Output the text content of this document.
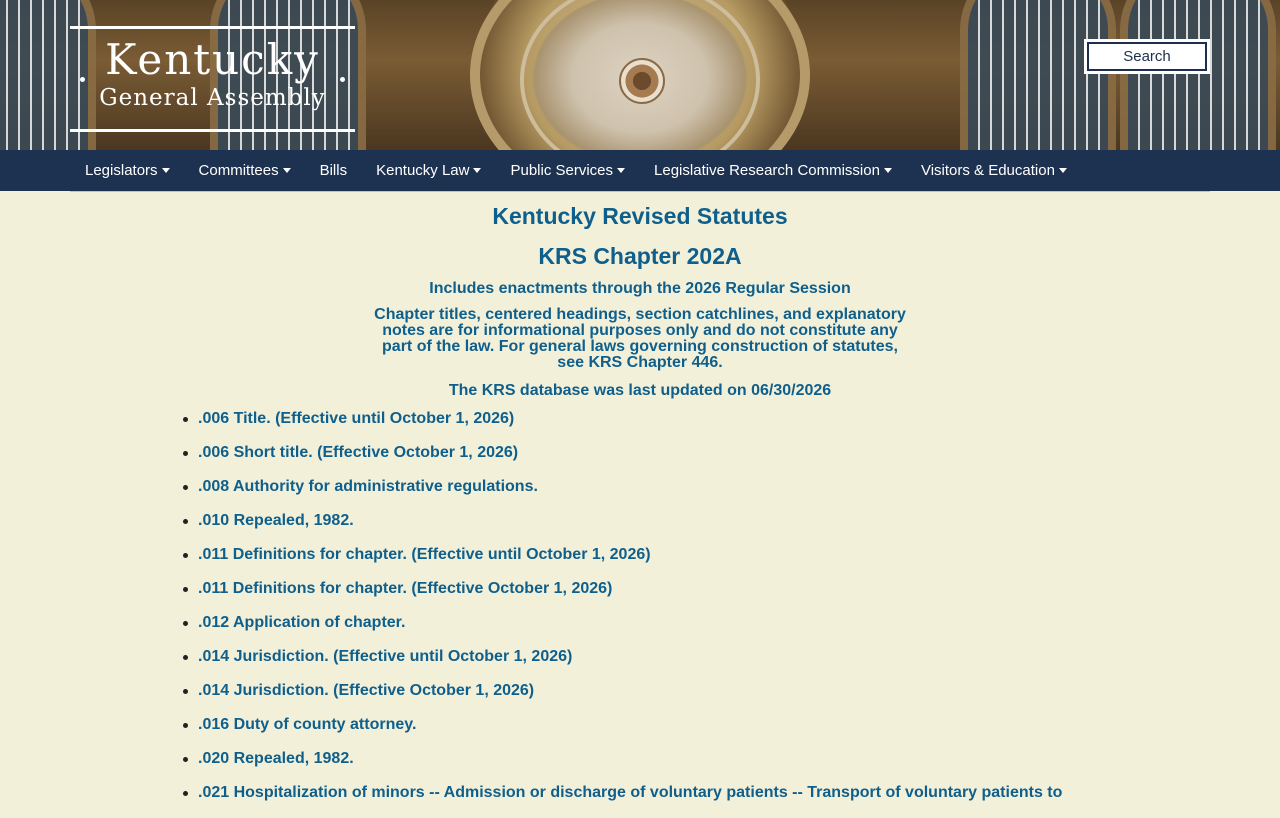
Kentucky
General Assembly
Search
Legislators	Committees	Bills Kentucky Law	Public Services	Legislative Research Commission	Visitors & Education
Kentucky Revised Statutes
KRS Chapter 202A
Includes enactments through the 2026 Regular Session
Chapter titles, centered headings, section catchlines, and explanatory notes are for informational purposes only and do not constitute any part of the law. For general laws governing construction of statutes, see KRS Chapter 446.
The KRS database was last updated on 06/30/2026
.006 Title. (Effective until October 1, 2026)
.006 Short title. (Effective October 1, 2026)
.008 Authority for administrative regulations.
.010 Repealed, 1982.
.011 Definitions for chapter. (Effective until October 1, 2026)
.011 Definitions for chapter. (Effective October 1, 2026)
.012 Application of chapter.
.014 Jurisdiction. (Effective until October 1, 2026)
.014 Jurisdiction. (Effective October 1, 2026)
.016 Duty of county attorney.
.020 Repealed, 1982.
.021 Hospitalization of minors -- Admission or discharge of voluntary patients -- Transport of voluntary patients to
